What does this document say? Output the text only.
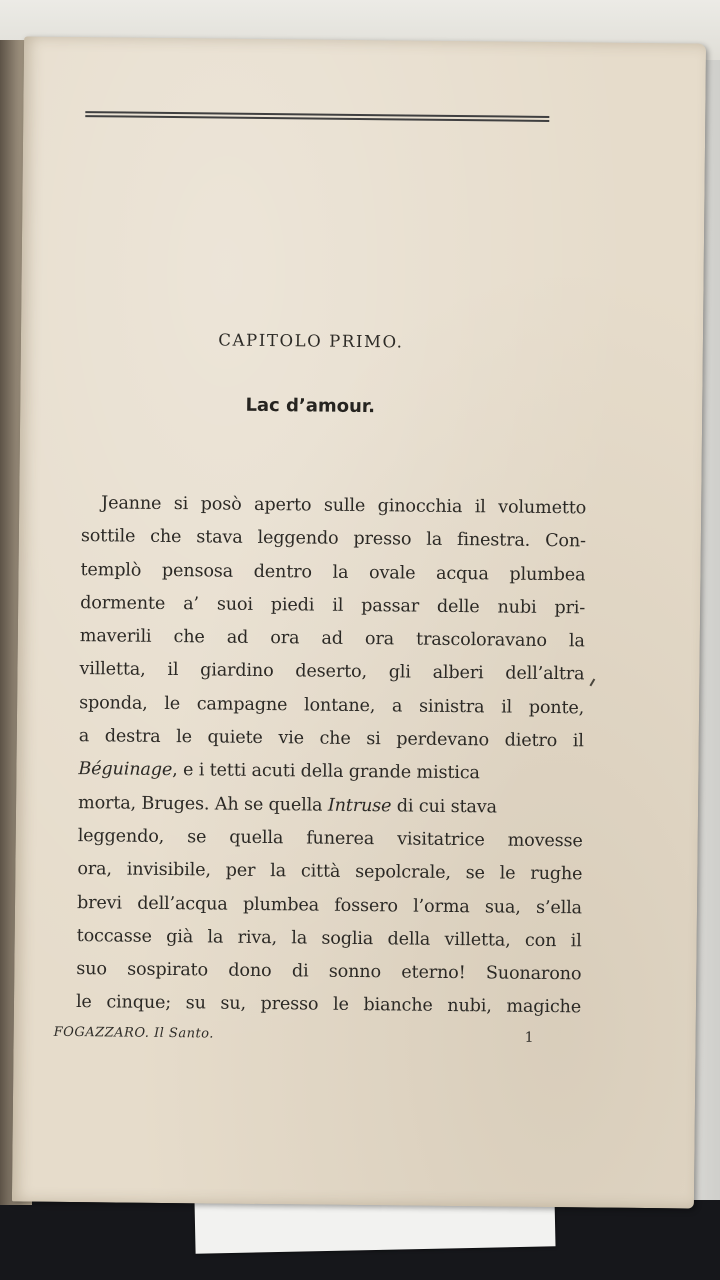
CAPITOLO PRIMO.
Lac d’amour.
Jeanne si posò aperto sulle ginocchia il volumetto
sottile che stava leggendo presso la finestra. Con-
templò pensosa dentro la ovale acqua plumbea
dormente a’ suoi piedi il passar delle nubi pri-
maverili che ad ora ad ora trascoloravano la
villetta, il giardino deserto, gli alberi dell’altra
sponda, le campagne lontane, a sinistra il ponte,
a destra le quiete vie che si perdevano dietro il
Béguinage, e i tetti acuti della grande mistica
morta, Bruges. Ah se quella Intruse di cui stava
leggendo, se quella funerea visitatrice movesse
ora, invisibile, per la città sepolcrale, se le rughe
brevi dell’acqua plumbea fossero l’orma sua, s’ella
toccasse già la riva, la soglia della villetta, con il
suo sospirato dono di sonno eterno! Suonarono
le cinque; su su, presso le bianche nubi, magiche
FOGAZZARO. Il Santo.	1
